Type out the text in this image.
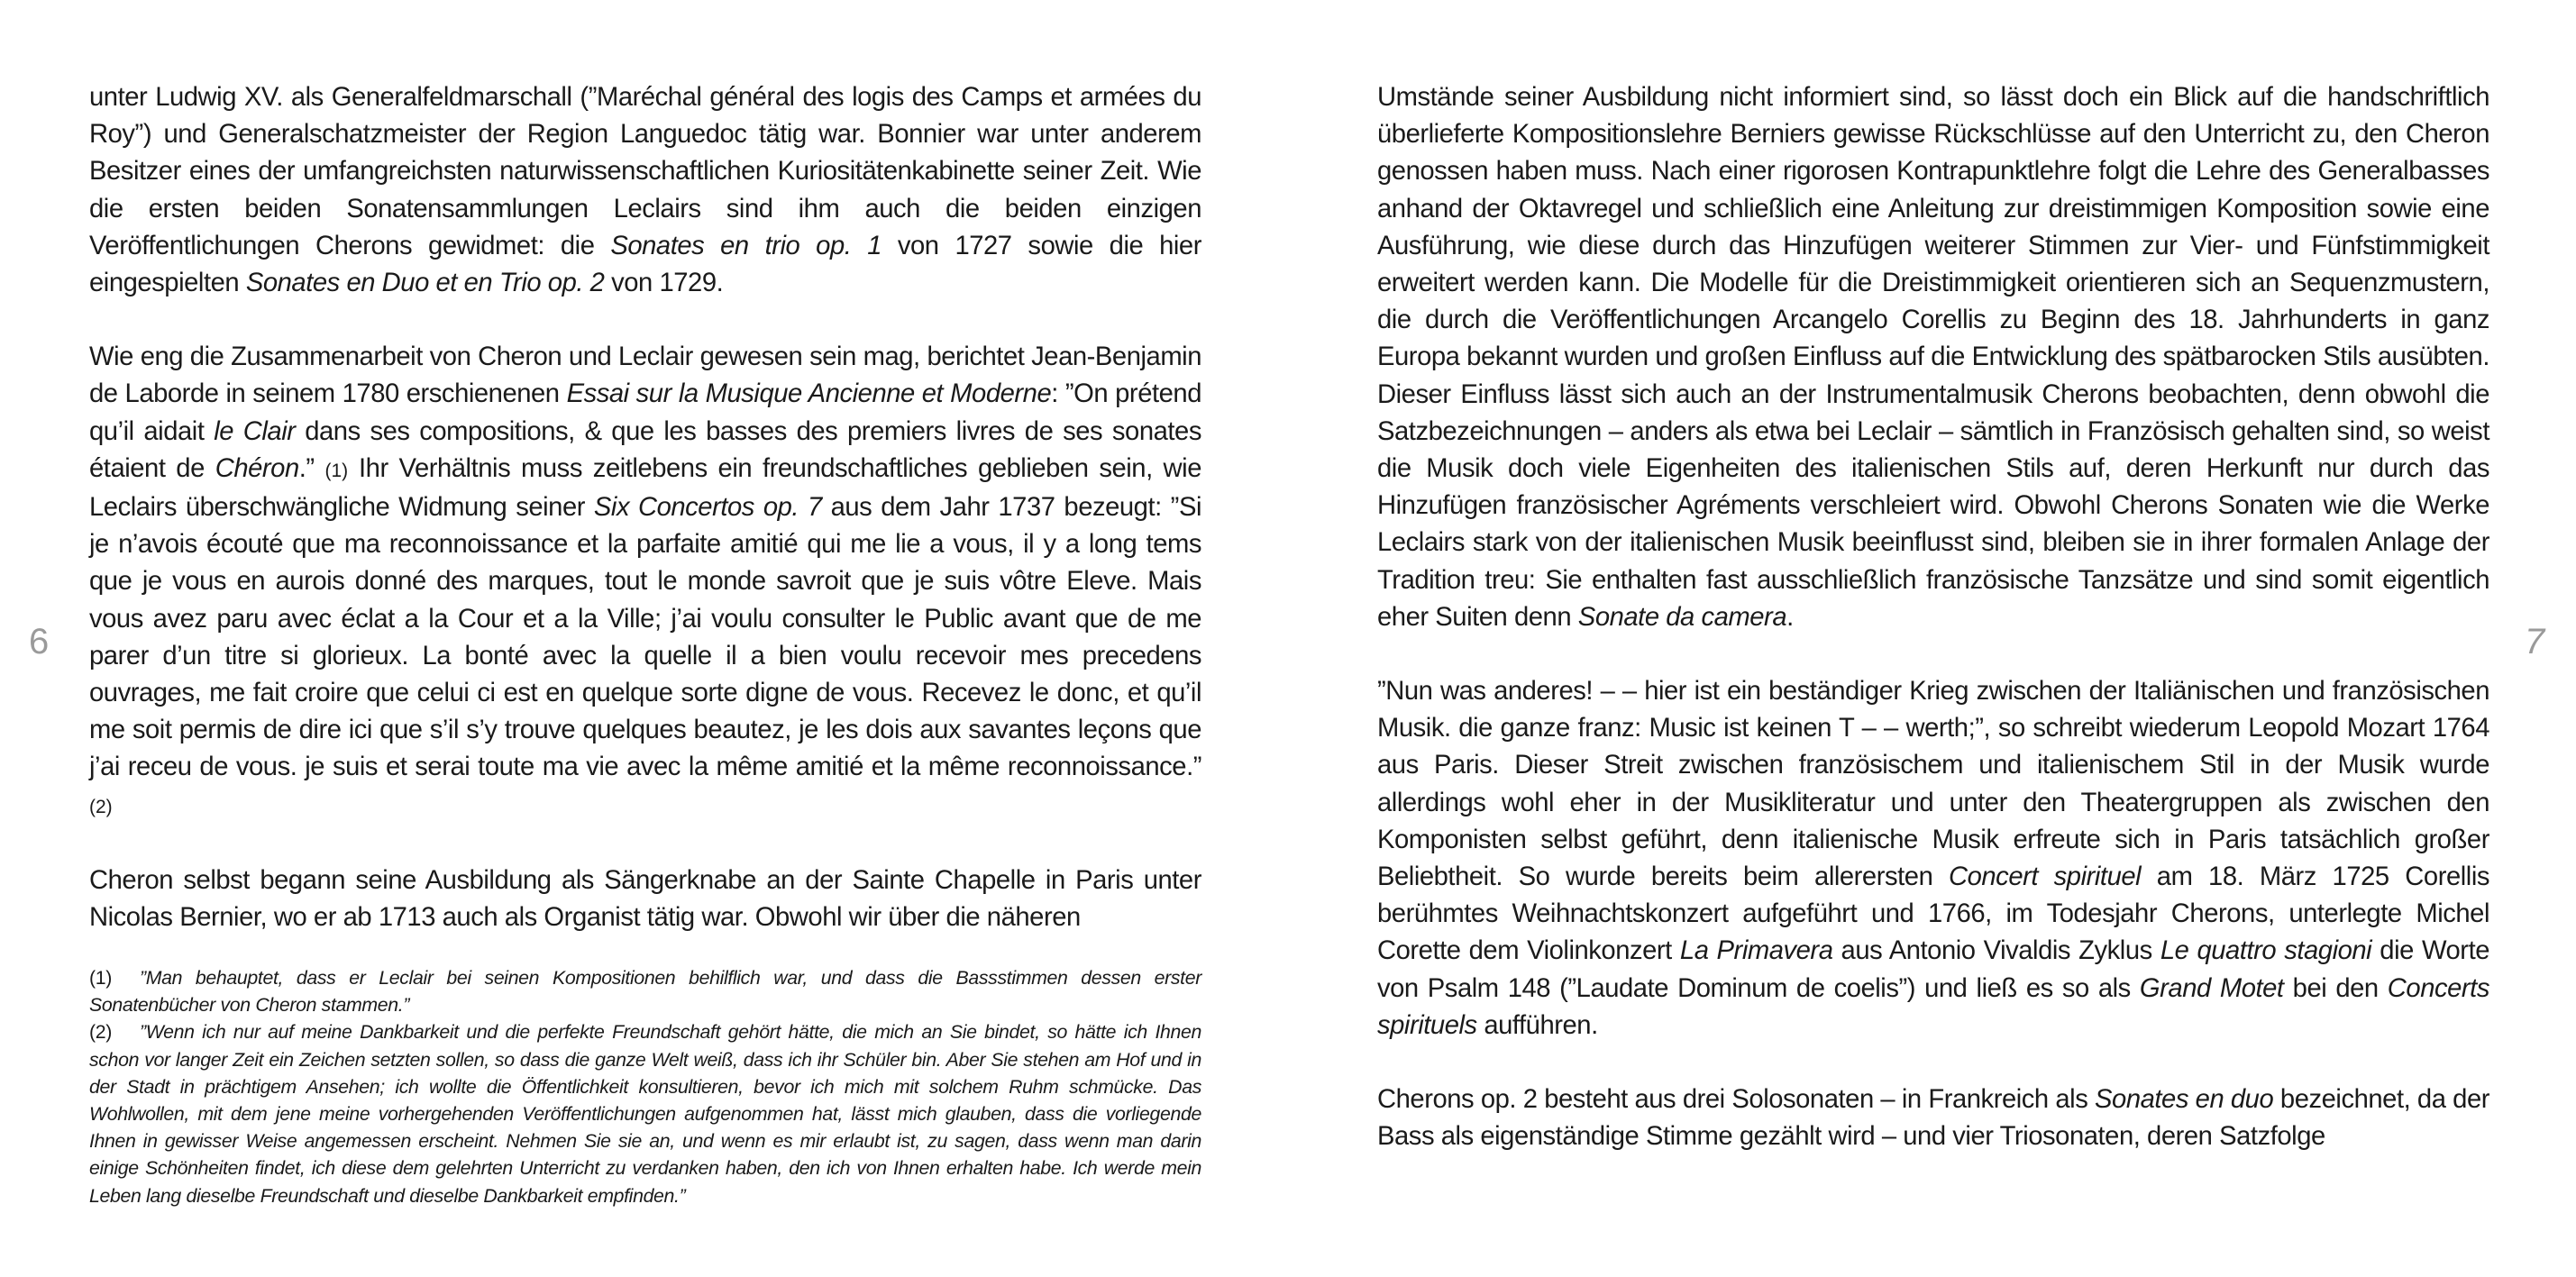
unter Ludwig XV. als Generalfeldmarschall (”Maréchal général des logis des Camps et armées du Roy”) und Generalschatzmeister der Region Languedoc tätig war. Bonnier war unter anderem Besitzer eines der umfangreichsten naturwissenschaftlichen Kuriositätenkabinette seiner Zeit. Wie die ersten beiden Sonatensammlungen Leclairs sind ihm auch die beiden einzigen Veröffentlichungen Cherons gewidmet: die Sonates en trio op. 1 von 1727 sowie die hier eingespielten Sonates en Duo et en Trio op. 2 von 1729.

Wie eng die Zusammenarbeit von Cheron und Leclair gewesen sein mag, berichtet Jean-Benjamin de Laborde in seinem 1780 erschienenen Essai sur la Musique Ancienne et Moderne: ”On prétend qu’il aidait le Clair dans ses compositions, & que les basses des premiers livres de ses sonates étaient de Chéron.” (1) Ihr Verhältnis muss zeitlebens ein freundschaftliches geblieben sein, wie Leclairs überschwängliche Widmung seiner Six Concertos op. 7 aus dem Jahr 1737 bezeugt: ”Si je n’avois écouté que ma reconnoissance et la parfaite amitié qui me lie a vous, il y a long tems que je vous en aurois donné des marques, tout le monde savroit que je suis vôtre Eleve. Mais vous avez paru avec éclat a la Cour et a la Ville; j’ai voulu consulter le Public avant que de me parer d’un titre si glorieux. La bonté avec la quelle il a bien voulu recevoir mes precedens ouvrages, me fait croire que celui ci est en quelque sorte digne de vous. Recevez le donc, et qu’il me soit permis de dire ici que s’il s’y trouve quelques beautez, je les dois aux savantes leçons que j’ai receu de vous. je suis et serai toute ma vie avec la même amitié et la même reconnoissance.” (2)

Cheron selbst begann seine Ausbildung als Sängerknabe an der Sainte Chapelle in Paris unter Nicolas Bernier, wo er ab 1713 auch als Organist tätig war. Obwohl wir über die näheren

(1) ”Man behauptet, dass er Leclair bei seinen Kompositionen behilflich war, und dass die Bassstimmen dessen erster Sonatenbücher von Cheron stammen.”

(2) ”Wenn ich nur auf meine Dankbarkeit und die perfekte Freundschaft gehört hätte, die mich an Sie bindet, so hätte ich Ihnen schon vor langer Zeit ein Zeichen setzten sollen, so dass die ganze Welt weiß, dass ich ihr Schüler bin. Aber Sie stehen am Hof und in der Stadt in prächtigem Ansehen; ich wollte die Öffentlichkeit konsultieren, bevor ich mich mit solchem Ruhm schmücke. Das Wohlwollen, mit dem jene meine vorhergehenden Veröffentlichungen aufgenommen hat, lässt mich glauben, dass die vorliegende Ihnen in gewisser Weise angemessen erscheint. Nehmen Sie sie an, und wenn es mir erlaubt ist, zu sagen, dass wenn man darin einige Schönheiten findet, ich diese dem gelehrten Unterricht zu verdanken haben, den ich von Ihnen erhalten habe. Ich werde mein Leben lang dieselbe Freundschaft und dieselbe Dankbarkeit empfinden.”

6

Umstände seiner Ausbildung nicht informiert sind, so lässt doch ein Blick auf die handschriftlich überlieferte Kompositionslehre Berniers gewisse Rückschlüsse auf den Unterricht zu, den Cheron genossen haben muss. Nach einer rigorosen Kontrapunktlehre folgt die Lehre des Generalbasses anhand der Oktavregel und schließlich eine Anleitung zur dreistimmigen Komposition sowie eine Ausführung, wie diese durch das Hinzufügen weiterer Stimmen zur Vier- und Fünfstimmigkeit erweitert werden kann. Die Modelle für die Dreistimmigkeit orientieren sich an Sequenzmustern, die durch die Veröffentlichungen Arcangelo Corellis zu Beginn des 18. Jahrhunderts in ganz Europa bekannt wurden und großen Einfluss auf die Entwicklung des spätbarocken Stils ausübten. Dieser Einfluss lässt sich auch an der Instrumentalmusik Cherons beobachten, denn obwohl die Satzbezeichnungen – anders als etwa bei Leclair – sämtlich in Französisch gehalten sind, so weist die Musik doch viele Eigenheiten des italienischen Stils auf, deren Herkunft nur durch das Hinzufügen französischer Agréments verschleiert wird. Obwohl Cherons Sonaten wie die Werke Leclairs stark von der italienischen Musik beeinflusst sind, bleiben sie in ihrer formalen Anlage der Tradition treu: Sie enthalten fast ausschließlich französische Tanzsätze und sind somit eigentlich eher Suiten denn Sonate da camera.

”Nun was anderes! – – hier ist ein beständiger Krieg zwischen der Italiänischen und französischen Musik. die ganze franz: Music ist keinen T – – werth;”, so schreibt wiederum Leopold Mozart 1764 aus Paris. Dieser Streit zwischen französischem und italienischem Stil in der Musik wurde allerdings wohl eher in der Musikliteratur und unter den Theatergruppen als zwischen den Komponisten selbst geführt, denn italienische Musik erfreute sich in Paris tatsächlich großer Beliebtheit. So wurde bereits beim allerersten Concert spirituel am 18. März 1725 Corellis berühmtes Weihnachtskonzert aufgeführt und 1766, im Todesjahr Cherons, unterlegte Michel Corette dem Violinkonzert La Primavera aus Antonio Vivaldis Zyklus Le quattro stagioni die Worte von Psalm 148 (”Laudate Dominum de coelis”) und ließ es so als Grand Motet bei den Concerts spirituels aufführen.

Cherons op. 2 besteht aus drei Solosonaten – in Frankreich als Sonates en duo bezeichnet, da der Bass als eigenständige Stimme gezählt wird – und vier Triosonaten, deren Satzfolge

7
